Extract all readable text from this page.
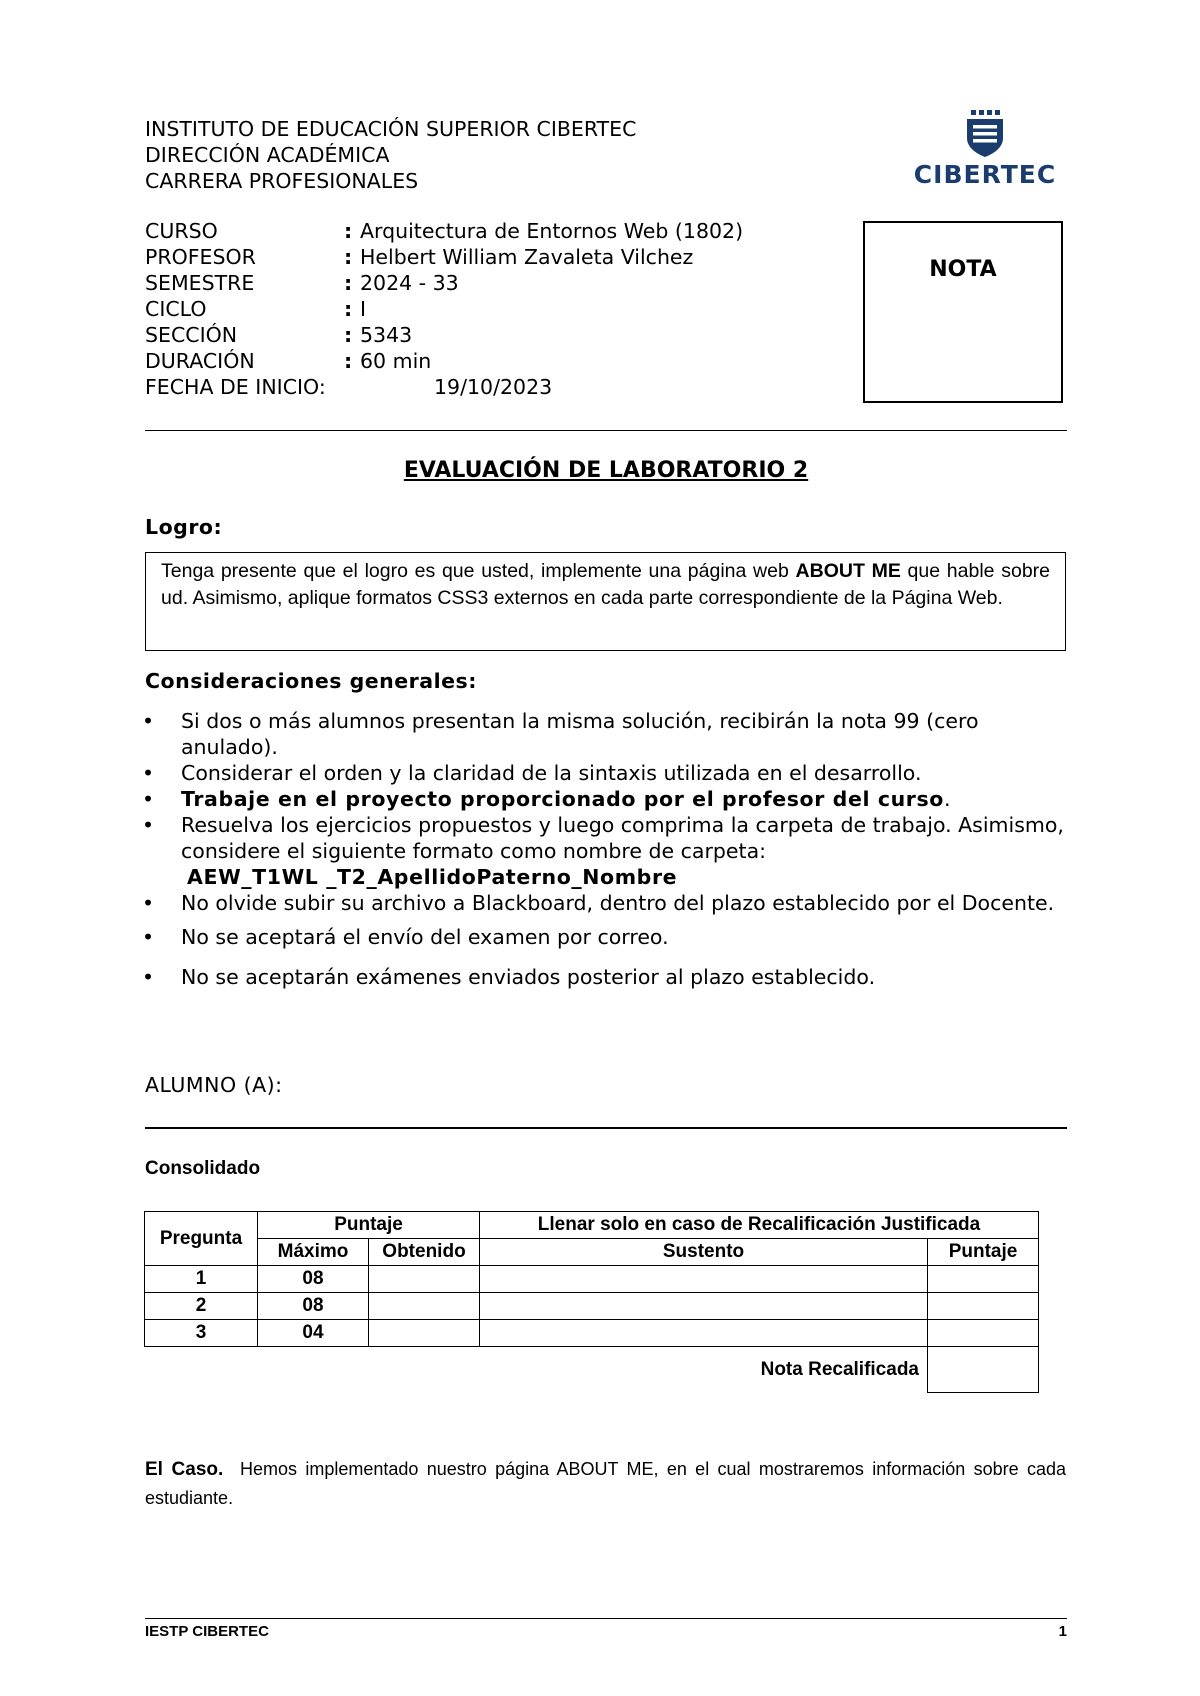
INSTITUTO DE EDUCACIÓN SUPERIOR CIBERTEC
DIRECCIÓN ACADÉMICA
CARRERA PROFESIONALES	CIBERTEC
CURSO	: Arquitectura de Entornos Web (1802)
PROFESOR	: Helbert William Zavaleta Vilchez
SEMESTRE	: 2024 - 33
CICLO	: I
SECCIÓN	: 5343
DURACIÓN	: 60 min
FECHA DE INICIO:	19/10/2023
NOTA
EVALUACIÓN DE LABORATORIO 2
Logro:
Tenga presente que el logro es que usted, implemente una página web ABOUT ME que hable sobre ud. Asimismo, aplique formatos CSS3 externos en cada parte correspondiente de la Página Web.
Consideraciones generales:
• Si dos o más alumnos presentan la misma solución, recibirán la nota 99 (cero anulado).
• Considerar el orden y la claridad de la sintaxis utilizada en el desarrollo.
• Trabaje en el proyecto proporcionado por el profesor del curso.
• Resuelva los ejercicios propuestos y luego comprima la carpeta de trabajo. Asimismo, considere el siguiente formato como nombre de carpeta:
AEW_T1WL _T2_ApellidoPaterno_Nombre
• No olvide subir su archivo a Blackboard, dentro del plazo establecido por el Docente.
• No se aceptará el envío del examen por correo.
• No se aceptarán exámenes enviados posterior al plazo establecido.
ALUMNO (A):
Consolidado
Pregunta	Puntaje		Llenar solo en caso de Recalificación Justificada	
	Máximo	Obtenido	Sustento	Puntaje
1	08			
2	08			
3	04			
Nota Recalificada				
El Caso. Hemos implementado nuestro página ABOUT ME, en el cual mostraremos información sobre cada estudiante.
IESTP CIBERTEC	1
